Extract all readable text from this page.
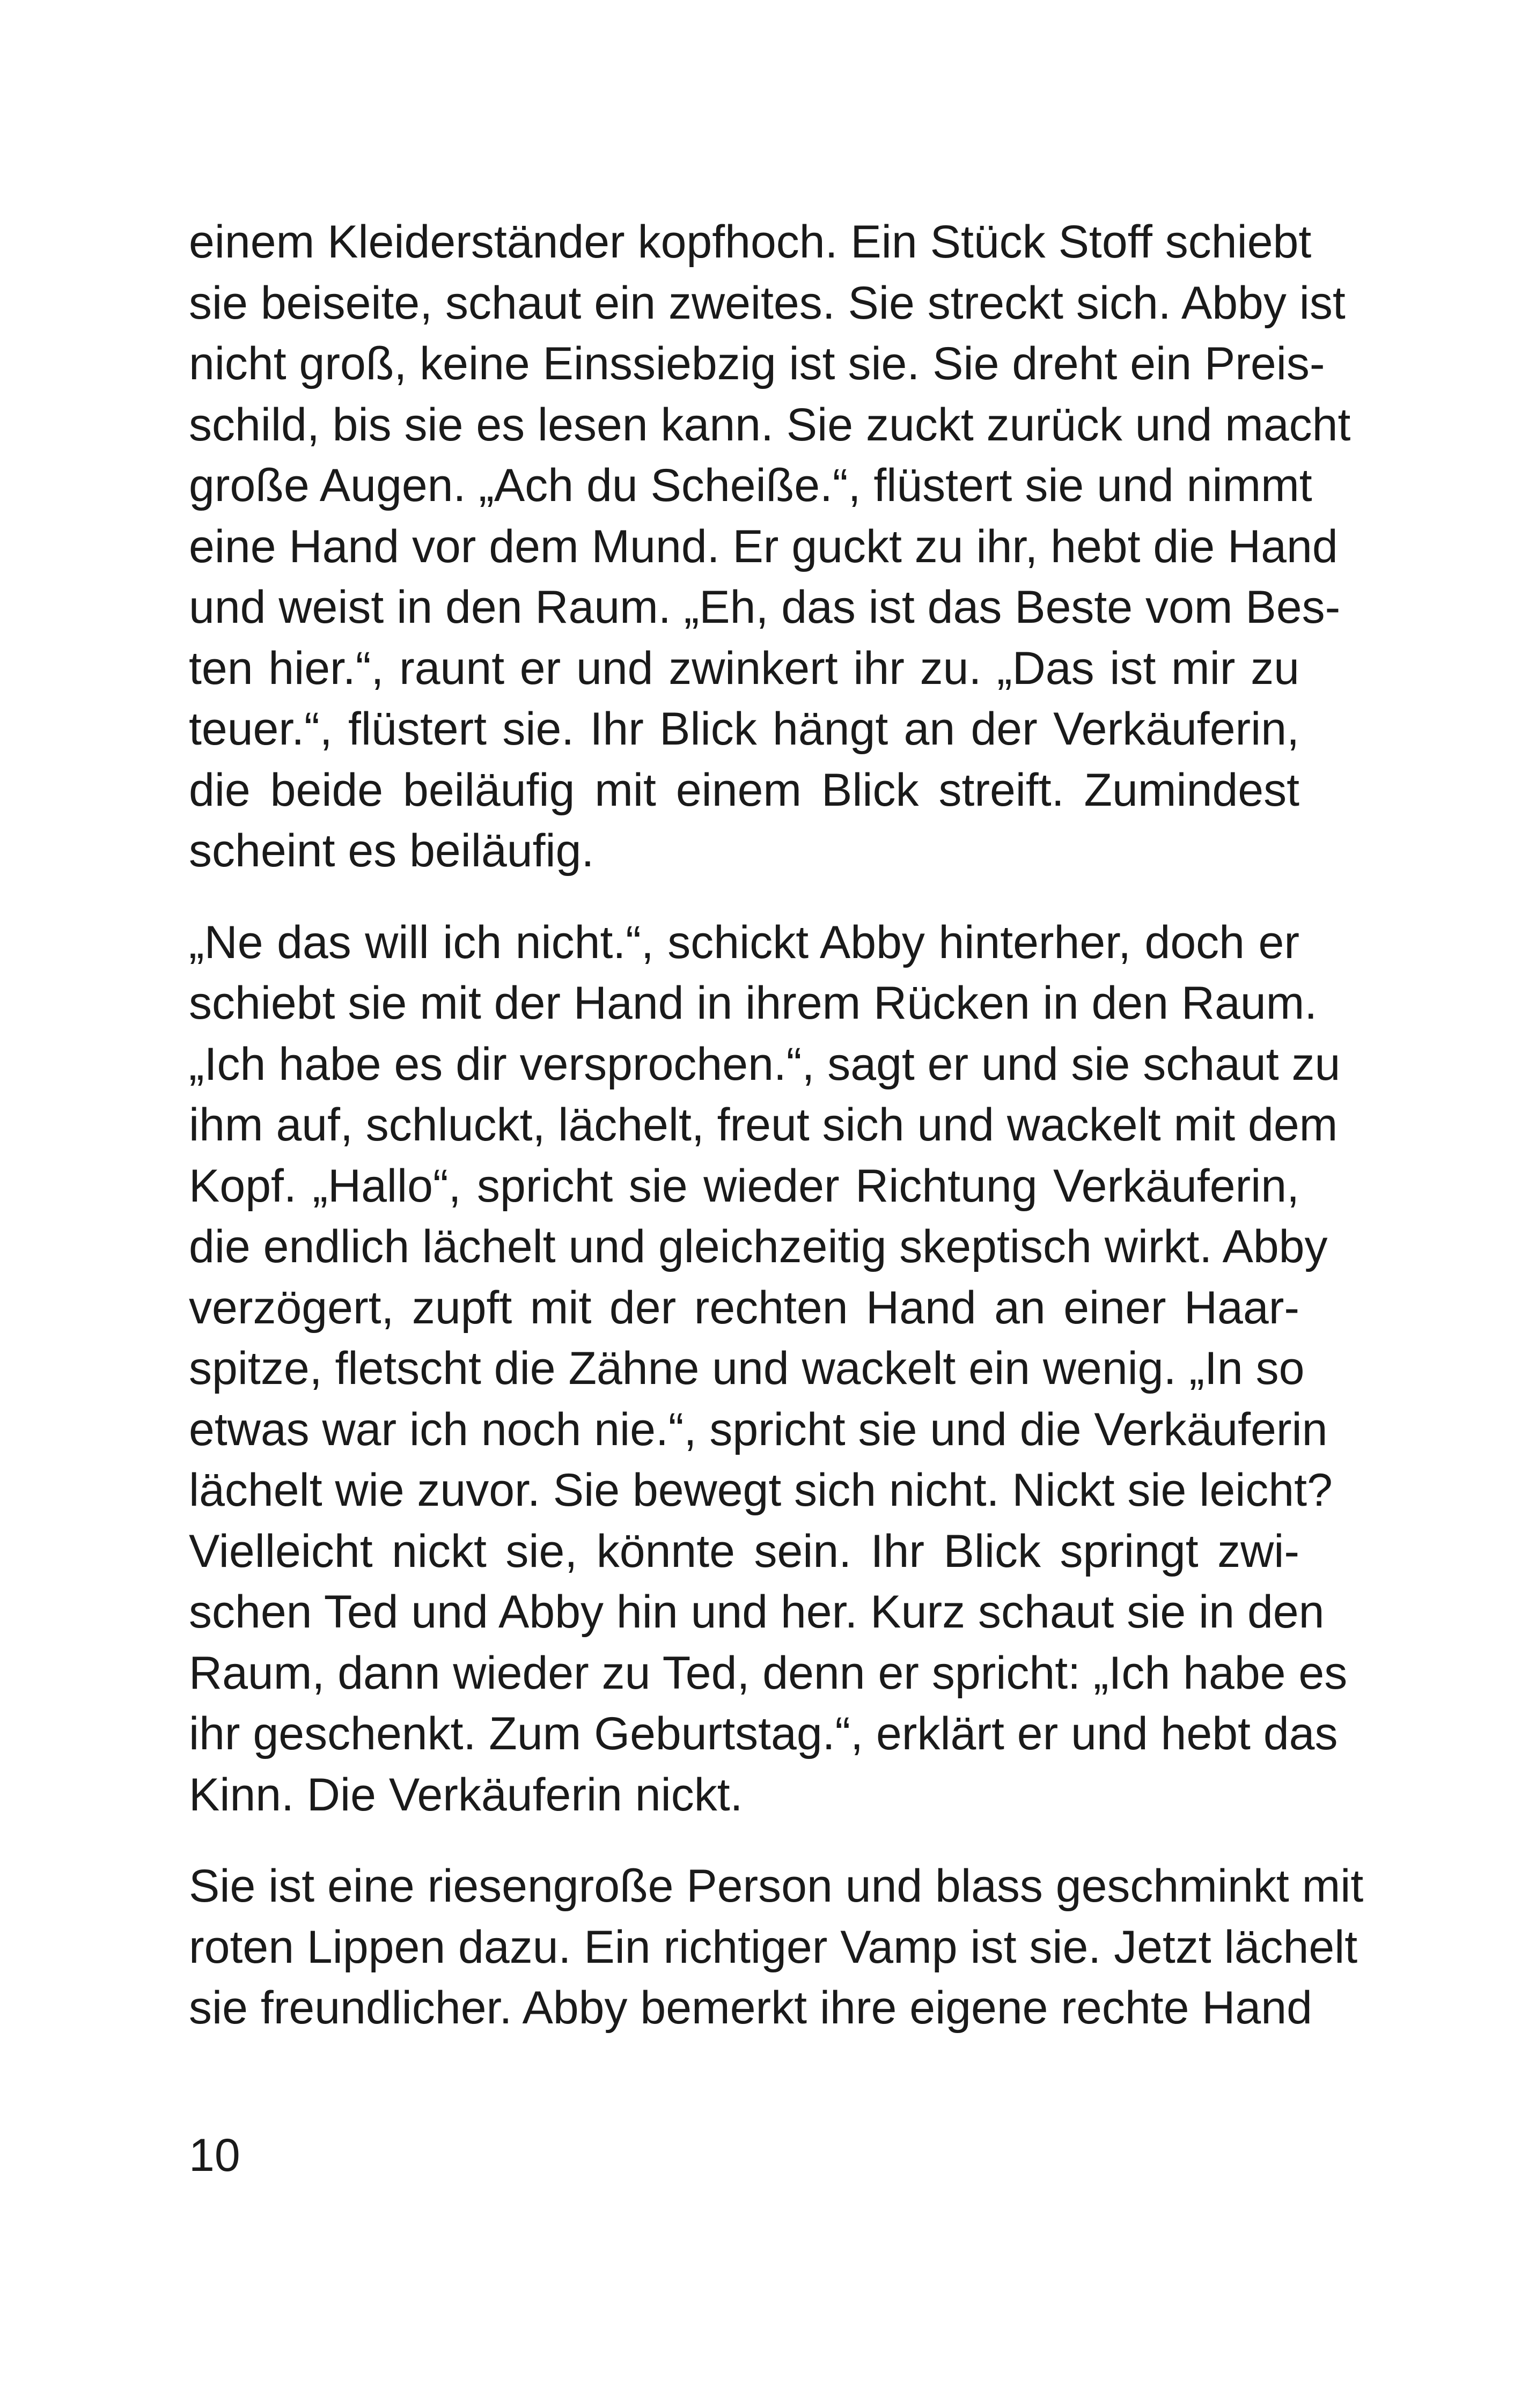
einem Kleiderständer kopfhoch. Ein Stück Stoff schiebt
sie beiseite, schaut ein zweites. Sie streckt sich. Abby ist
nicht groß, keine Einssiebzig ist sie. Sie dreht ein Preis-
schild, bis sie es lesen kann. Sie zuckt zurück und macht
große Augen. „Ach du Scheiße.“, flüstert sie und nimmt
eine Hand vor dem Mund. Er guckt zu ihr, hebt die Hand
und weist in den Raum. „Eh, das ist das Beste vom Bes-
ten hier.“, raunt er und zwinkert ihr zu. „Das ist mir zu
teuer.“, flüstert sie. Ihr Blick hängt an der Verkäuferin,
die beide beiläufig mit einem Blick streift. Zumindest
scheint es beiläufig.

„Ne das will ich nicht.“, schickt Abby hinterher, doch er
schiebt sie mit der Hand in ihrem Rücken in den Raum.
„Ich habe es dir versprochen.“, sagt er und sie schaut zu
ihm auf, schluckt, lächelt, freut sich und wackelt mit dem
Kopf. „Hallo“, spricht sie wieder Richtung Verkäuferin,
die endlich lächelt und gleichzeitig skeptisch wirkt. Abby
verzögert, zupft mit der rechten Hand an einer Haar-
spitze, fletscht die Zähne und wackelt ein wenig. „In so
etwas war ich noch nie.“, spricht sie und die Verkäuferin
lächelt wie zuvor. Sie bewegt sich nicht. Nickt sie leicht?
Vielleicht nickt sie, könnte sein. Ihr Blick springt zwi-
schen Ted und Abby hin und her. Kurz schaut sie in den
Raum, dann wieder zu Ted, denn er spricht: „Ich habe es
ihr geschenkt. Zum Geburtstag.“, erklärt er und hebt das
Kinn. Die Verkäuferin nickt.

Sie ist eine riesengroße Person und blass geschminkt mit
roten Lippen dazu. Ein richtiger Vamp ist sie. Jetzt lächelt
sie freundlicher. Abby bemerkt ihre eigene rechte Hand

10
